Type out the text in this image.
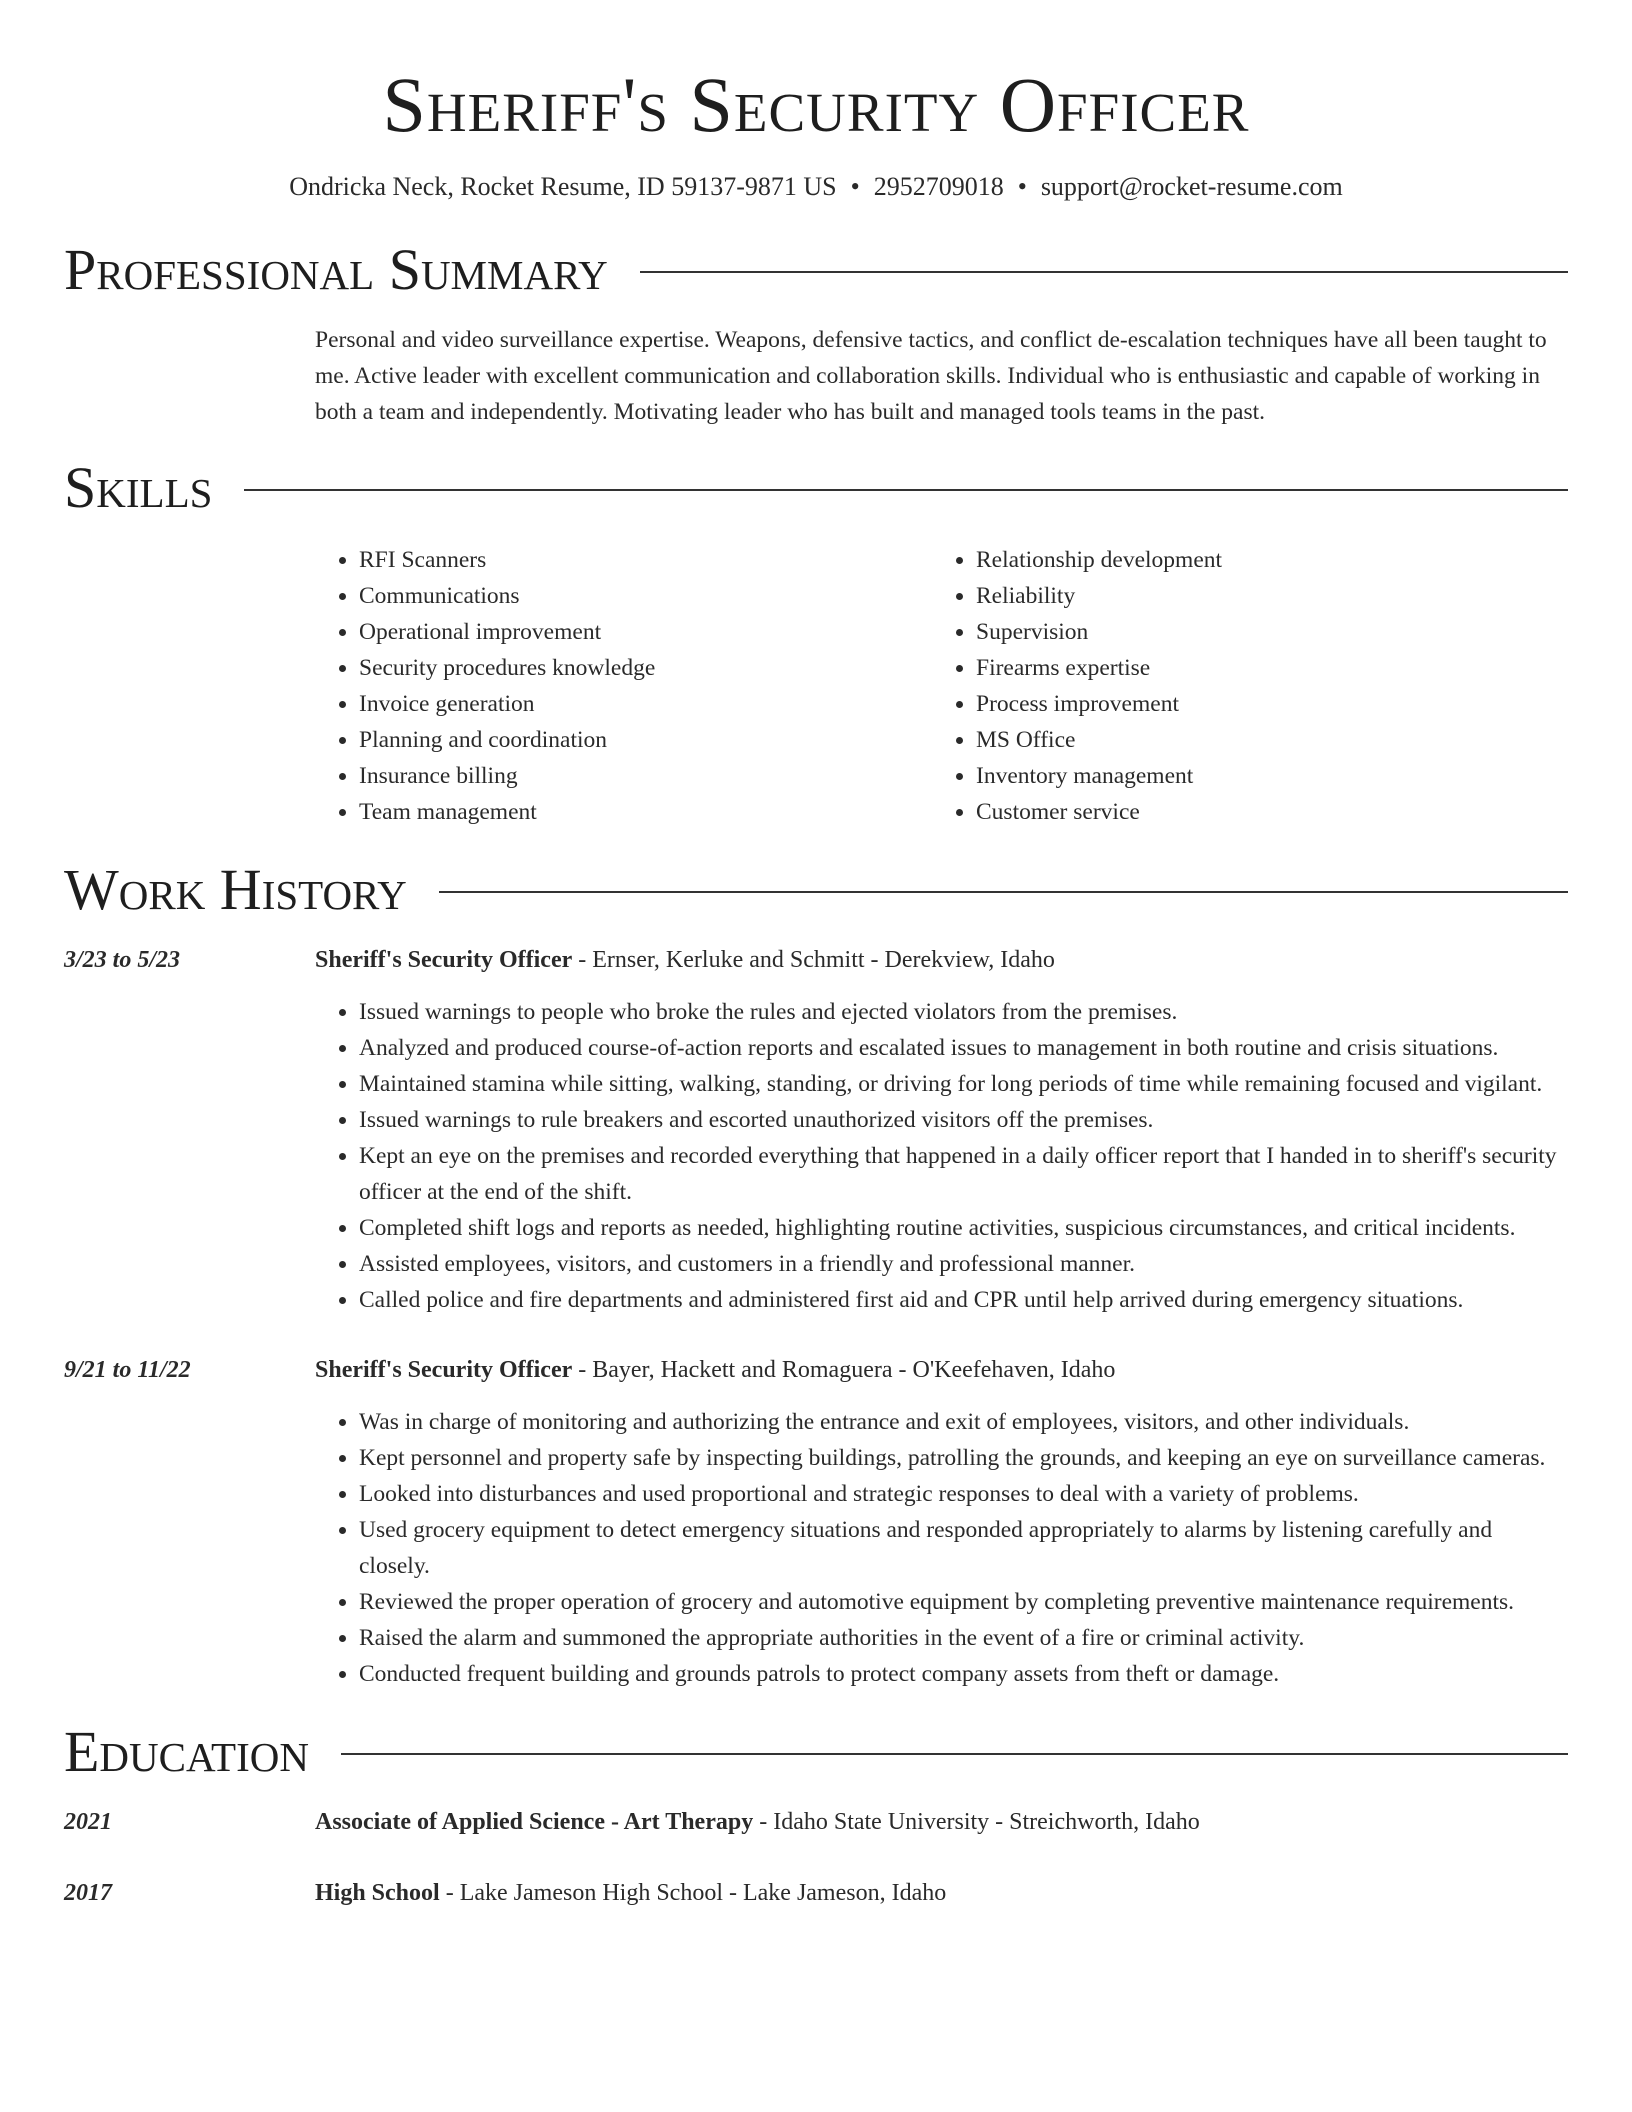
Sheriff's Security Officer
Ondricka Neck, Rocket Resume, ID 59137-9871 US • 2952709018 • support@rocket-resume.com
Professional Summary
Personal and video surveillance expertise. Weapons, defensive tactics, and conflict de-escalation techniques have all been taught to me. Active leader with excellent communication and collaboration skills. Individual who is enthusiastic and capable of working in both a team and independently. Motivating leader who has built and managed tools teams in the past.
Skills
• RFI Scanners
• Communications
• Operational improvement
• Security procedures knowledge
• Invoice generation
• Planning and coordination
• Insurance billing
• Team management
• Relationship development
• Reliability
• Supervision
• Firearms expertise
• Process improvement
• MS Office
• Inventory management
• Customer service
Work History
3/23 to 5/23	Sheriff's Security Officer - Ernser, Kerluke and Schmitt - Derekview, Idaho
• Issued warnings to people who broke the rules and ejected violators from the premises.
• Analyzed and produced course-of-action reports and escalated issues to management in both routine and crisis situations.
• Maintained stamina while sitting, walking, standing, or driving for long periods of time while remaining focused and vigilant.
• Issued warnings to rule breakers and escorted unauthorized visitors off the premises.
• Kept an eye on the premises and recorded everything that happened in a daily officer report that I handed in to sheriff's security officer at the end of the shift.
• Completed shift logs and reports as needed, highlighting routine activities, suspicious circumstances, and critical incidents.
• Assisted employees, visitors, and customers in a friendly and professional manner.
• Called police and fire departments and administered first aid and CPR until help arrived during emergency situations.
9/21 to 11/22	Sheriff's Security Officer - Bayer, Hackett and Romaguera - O'Keefehaven, Idaho
• Was in charge of monitoring and authorizing the entrance and exit of employees, visitors, and other individuals.
• Kept personnel and property safe by inspecting buildings, patrolling the grounds, and keeping an eye on surveillance cameras.
• Looked into disturbances and used proportional and strategic responses to deal with a variety of problems.
• Used grocery equipment to detect emergency situations and responded appropriately to alarms by listening carefully and closely.
• Reviewed the proper operation of grocery and automotive equipment by completing preventive maintenance requirements.
• Raised the alarm and summoned the appropriate authorities in the event of a fire or criminal activity.
• Conducted frequent building and grounds patrols to protect company assets from theft or damage.
Education
2021	Associate of Applied Science - Art Therapy - Idaho State University - Streichworth, Idaho
2017	High School - Lake Jameson High School - Lake Jameson, Idaho
